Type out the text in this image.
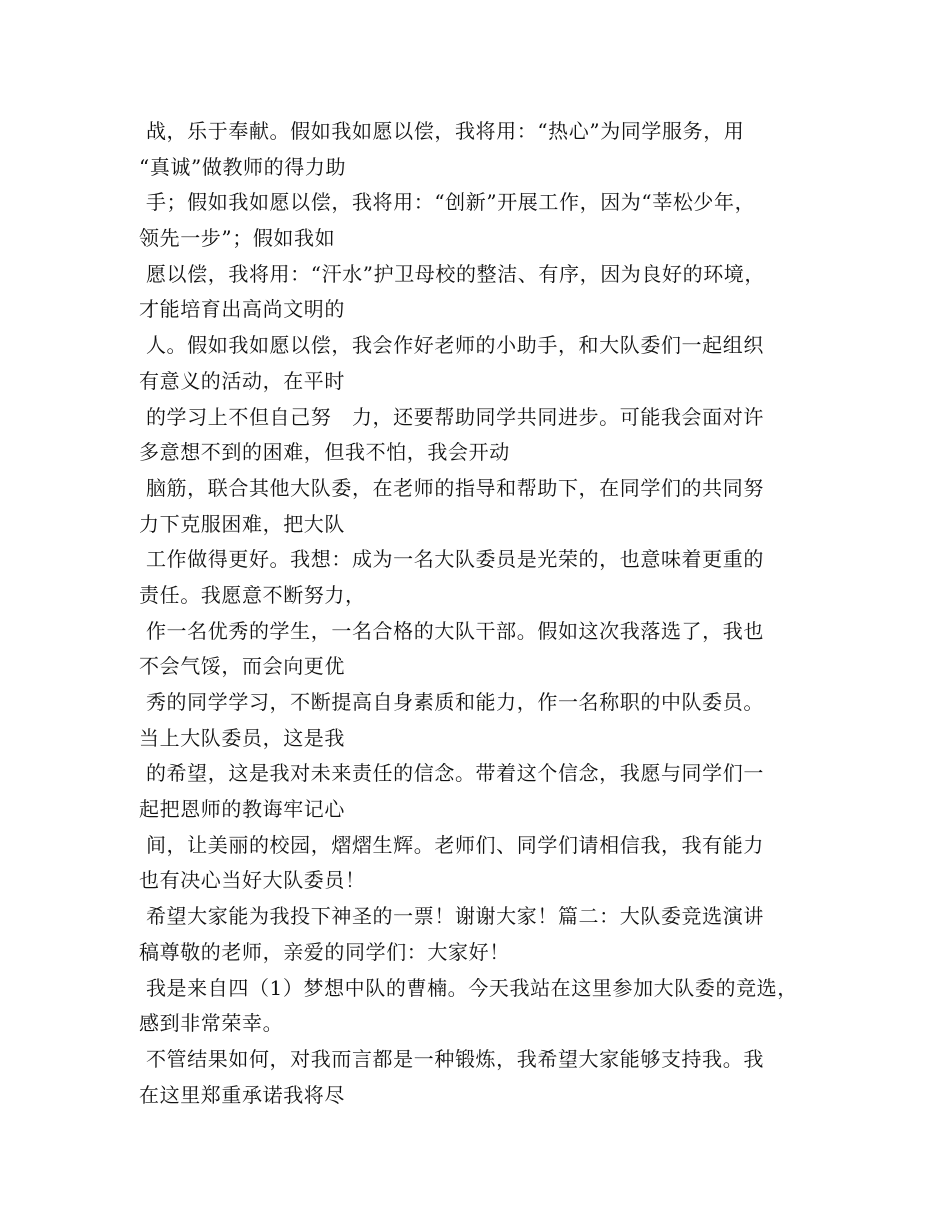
战，乐于奉献。假如我如愿以偿，我将用：“热心”为同学服务，用
“真诚”做教师的得力助
手；假如我如愿以偿，我将用：“创新”开展工作，因为“莘松少年，
领先一步”；假如我如
愿以偿，我将用：“汗水”护卫母校的整洁、有序，因为良好的环境，
才能培育出高尚文明的
人。假如我如愿以偿，我会作好老师的小助手，和大队委们一起组织
有意义的活动，在平时
的学习上不但自己努　力，还要帮助同学共同进步。可能我会面对许
多意想不到的困难，但我不怕，我会开动
脑筋，联合其他大队委，在老师的指导和帮助下，在同学们的共同努
力下克服困难，把大队
工作做得更好。我想：成为一名大队委员是光荣的，也意味着更重的
责任。我愿意不断努力，
作一名优秀的学生，一名合格的大队干部。假如这次我落选了，我也
不会气馁，而会向更优
秀的同学学习，不断提高自身素质和能力，作一名称职的中队委员。
当上大队委员，这是我
的希望，这是我对未来责任的信念。带着这个信念，我愿与同学们一
起把恩师的教诲牢记心
间，让美丽的校园，熠熠生辉。老师们、同学们请相信我，我有能力
也有决心当好大队委员！
希望大家能为我投下神圣的一票！谢谢大家！篇二：大队委竞选演讲
稿尊敬的老师，亲爱的同学们：大家好！
我是来自四（1）梦想中队的曹楠。今天我站在这里参加大队委的竞选，
感到非常荣幸。
不管结果如何，对我而言都是一种锻炼，我希望大家能够支持我。我
在这里郑重承诺我将尽
